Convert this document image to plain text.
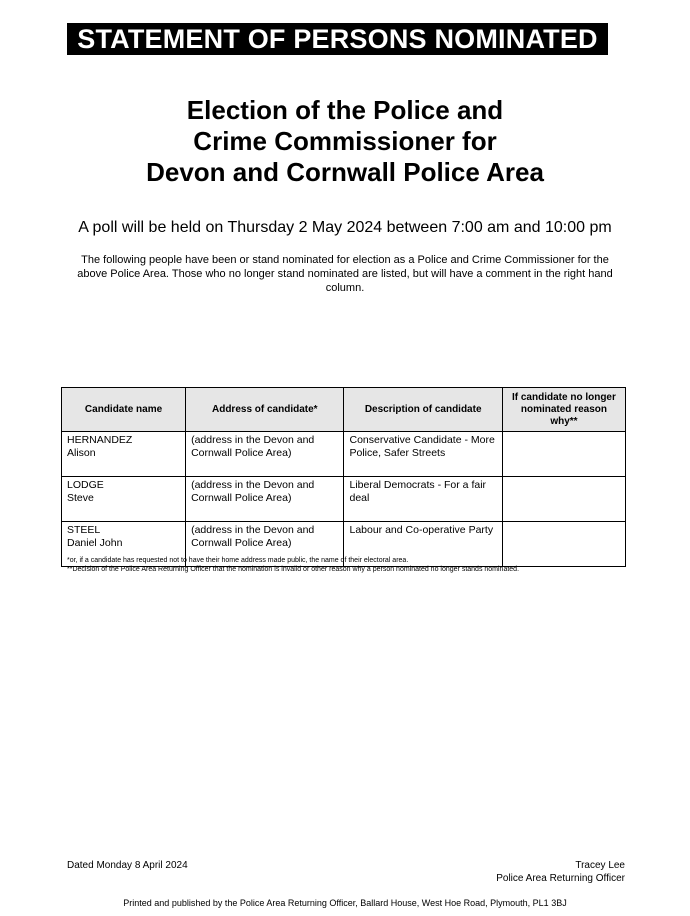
STATEMENT OF PERSONS NOMINATED
Election of the Police and
Crime Commissioner for
Devon and Cornwall Police Area
A poll will be held on Thursday 2 May 2024 between 7:00 am and 10:00 pm
The following people have been or stand nominated for election as a Police and Crime Commissioner for the above Police Area. Those who no longer stand nominated are listed, but will have a comment in the right hand column.
Candidate name	Address of candidate*	Description of candidate	If candidate no longer nominated reason why**

HERNANDEZ
Alison	(address in the Devon and Cornwall Police Area)	Conservative Candidate - More Police, Safer Streets	

LODGE
Steve	(address in the Devon and Cornwall Police Area)	Liberal Democrats - For a fair deal	

STEEL
Daniel John	(address in the Devon and Cornwall Police Area)	Labour and Co-operative Party	
*or, if a candidate has requested not to have their home address made public, the name of their electoral area.
**Decision of the Police Area Returning Officer that the nomination is invalid or other reason why a person nominated no longer stands nominated.
Dated Monday 8 April 2024	Tracey Lee
Police Area Returning Officer
Printed and published by the Police Area Returning Officer, Ballard House, West Hoe Road, Plymouth, PL1 3BJ
